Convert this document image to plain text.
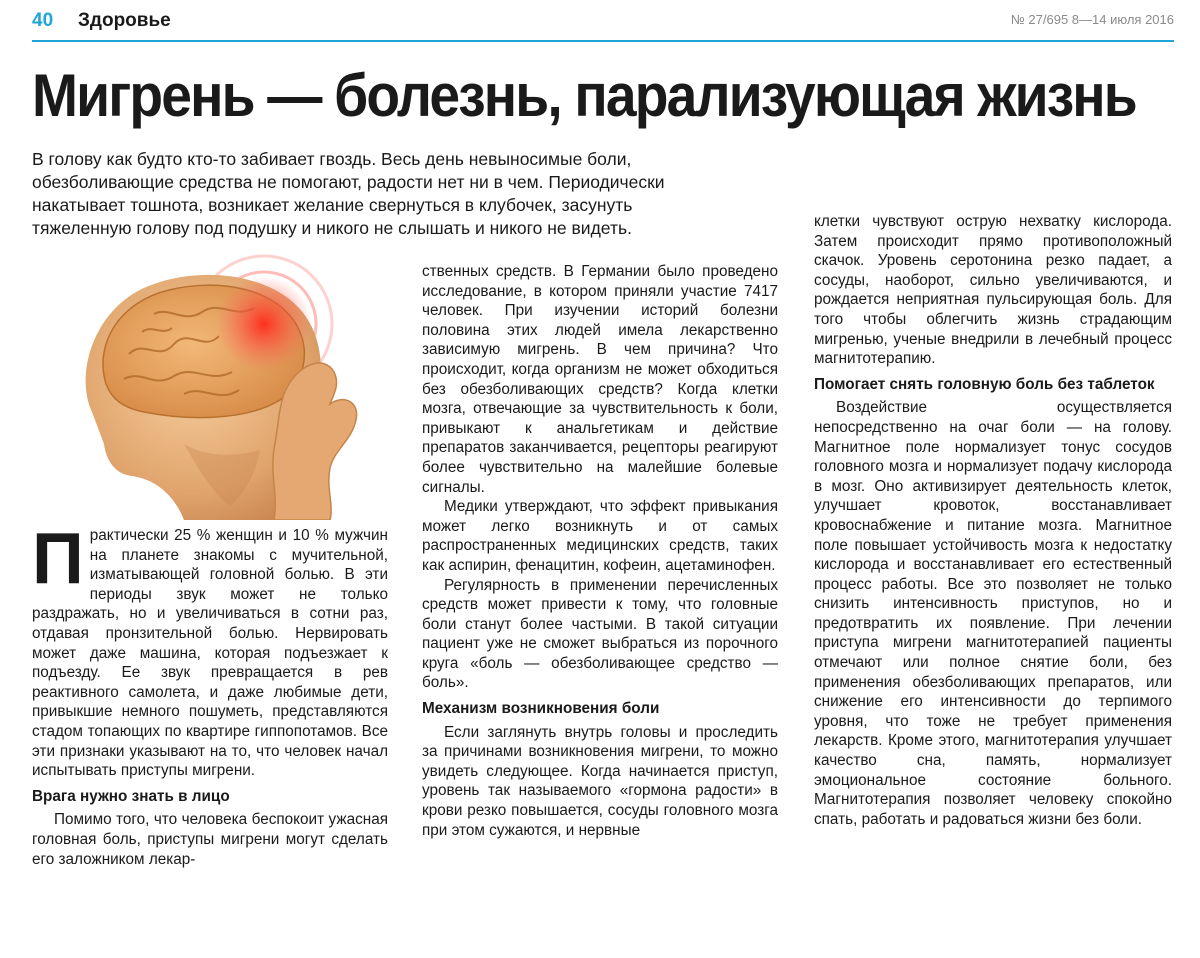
40 Здоровье	№ 27/695 8—14 июля 2016
Мигрень — болезнь, парализующая жизнь

В голову как будто кто-то забивает гвоздь. Весь день невыносимые боли,

обезболивающие средства не помогают, радости нет ни в чем. Периодически

накатывает тошнота, возникает желание свернуться в клубочек, засунуть

тяжеленную голову под подушку и никого не слышать и никого не видеть.

Практически 25 % женщин и 10 % мужчин на планете знакомы с мучительной, изматывающей головной болью. В эти периоды звук может не только раздражать, но и увеличиваться в сотни раз, отдавая пронзительной болью. Нервировать может даже машина, которая подъезжает к подъезду. Ее звук превращается в рев реактивного самолета, и даже любимые дети, привыкшие немного пошуметь, представляются стадом топающих по квартире гиппопотамов. Все эти признаки указывают на то, что человек начал испытывать приступы мигрени.

Врага нужно знать в лицо

Помимо того, что человека беспокоит ужасная головная боль, приступы мигрени могут сделать его заложником лекар-

ственных средств. В Германии было проведено исследование, в котором приняли участие 7417 человек. При изучении историй болезни половина этих людей имела лекарственно зависимую мигрень. В чем причина? Что происходит, когда организм не может обходиться без обезболивающих средств? Когда клетки мозга, отвечающие за чувствительность к боли, привыкают к анальгетикам и действие препаратов заканчивается, рецепторы реагируют более чувствительно на малейшие болевые сигналы.

Медики утверждают, что эффект привыкания может легко возникнуть и от самых распространенных медицинских средств, таких как аспирин, фенацитин, кофеин, ацетаминофен.

Регулярность в применении перечисленных средств может привести к тому, что головные боли станут более частыми. В такой ситуации пациент уже не сможет выбраться из порочного круга «боль — обезболивающее средство — боль».

Механизм возникновения боли

Если заглянуть внутрь головы и проследить за причинами возникновения мигрени, то можно увидеть следующее. Когда начинается приступ, уровень так называемого «гормона радости» в крови резко повышается, сосуды головного мозга при этом сужаются, и нервные

клетки чувствуют острую нехватку кислорода. Затем происходит прямо противоположный скачок. Уровень серотонина резко падает, а сосуды, наоборот, сильно увеличиваются, и рождается неприятная пульсирующая боль. Для того чтобы облегчить жизнь страдающим мигренью, ученые внедрили в лечебный процесс магнитотерапию.

Помогает снять головную боль без таблеток

Воздействие осуществляется непосредственно на очаг боли — на голову. Магнитное поле нормализует тонус сосудов головного мозга и нормализует подачу кислорода в мозг. Оно активизирует деятельность клеток, улучшает кровоток, восстанавливает кровоснабжение и питание мозга. Магнитное поле повышает устойчивость мозга к недостатку кислорода и восстанавливает его естественный процесс работы. Все это позволяет не только снизить интенсивность приступов, но и предотвратить их появление. При лечении приступа мигрени магнитотерапией пациенты отмечают или полное снятие боли, без применения обезболивающих препаратов, или снижение его интенсивности до терпимого уровня, что тоже не требует применения лекарств. Кроме этого, магнитотерапия улучшает качество сна, память, нормализует эмоциональное состояние больного. Магнитотерапия позволяет человеку спокойно спать, работать и радоваться жизни без боли.
